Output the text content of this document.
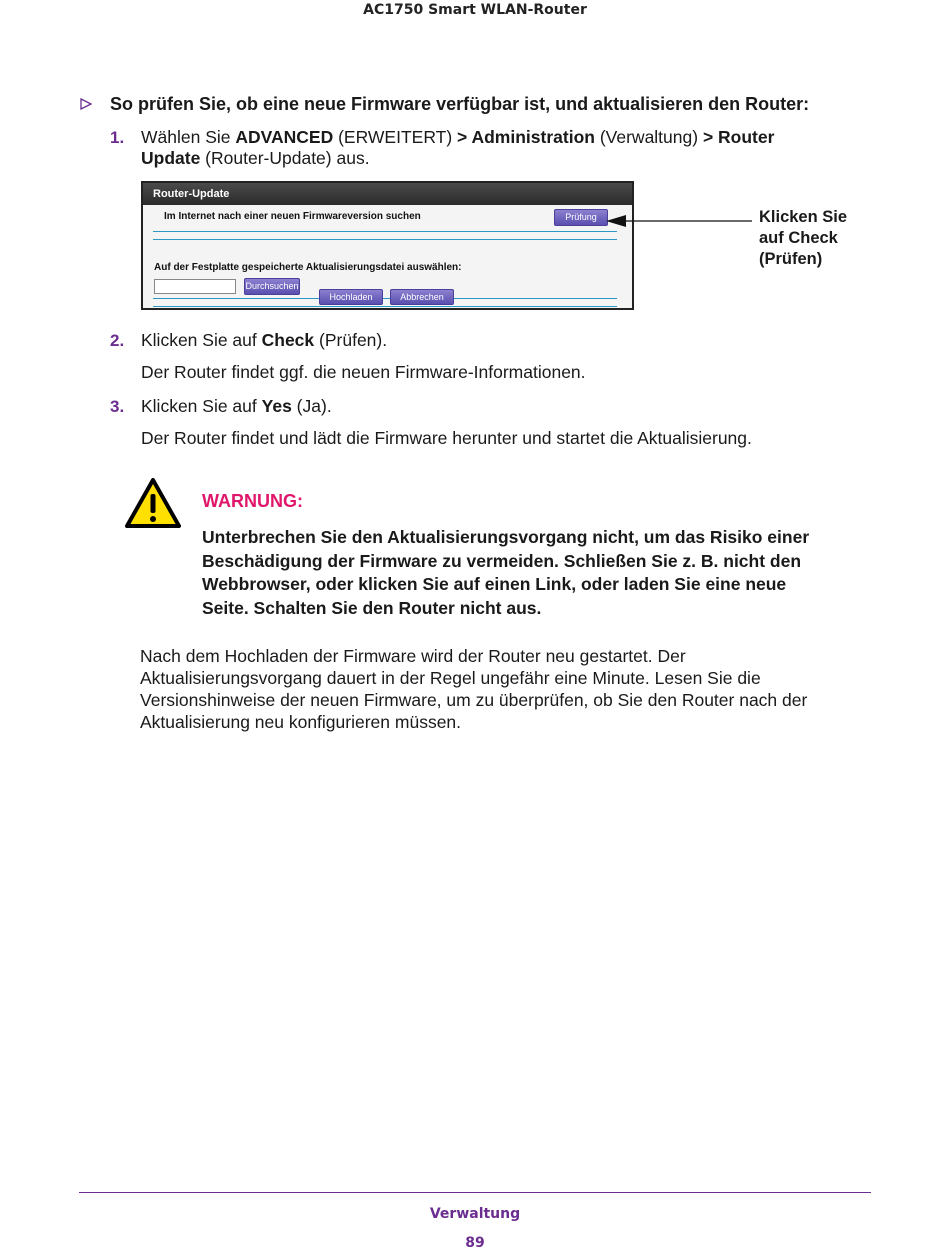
AC1750 Smart WLAN-Router
So prüfen Sie, ob eine neue Firmware verfügbar ist, und aktualisieren den Router:
1. Wählen Sie ADVANCED (ERWEITERT) > Administration (Verwaltung) > Router
Update (Router-Update) aus.
Router-Update
Im Internet nach einer neuen Firmwareversion suchen	Prüfung
Auf der Festplatte gespeicherte Aktualisierungsdatei auswählen:
Durchsuchen
Hochladen	Abbrechen
Klicken Sie
auf Check
(Prüfen)
2. Klicken Sie auf Check (Prüfen).
Der Router findet ggf. die neuen Firmware-Informationen.
3. Klicken Sie auf Yes (Ja).
Der Router findet und lädt die Firmware herunter und startet die Aktualisierung.
WARNUNG:
Unterbrechen Sie den Aktualisierungsvorgang nicht, um das Risiko einer Beschädigung der Firmware zu vermeiden. Schließen Sie z. B. nicht den Webbrowser, oder klicken Sie auf einen Link, oder laden Sie eine neue Seite. Schalten Sie den Router nicht aus.
Nach dem Hochladen der Firmware wird der Router neu gestartet. Der Aktualisierungsvorgang dauert in der Regel ungefähr eine Minute. Lesen Sie die Versionshinweise der neuen Firmware, um zu überprüfen, ob Sie den Router nach der Aktualisierung neu konfigurieren müssen.
Verwaltung
89
